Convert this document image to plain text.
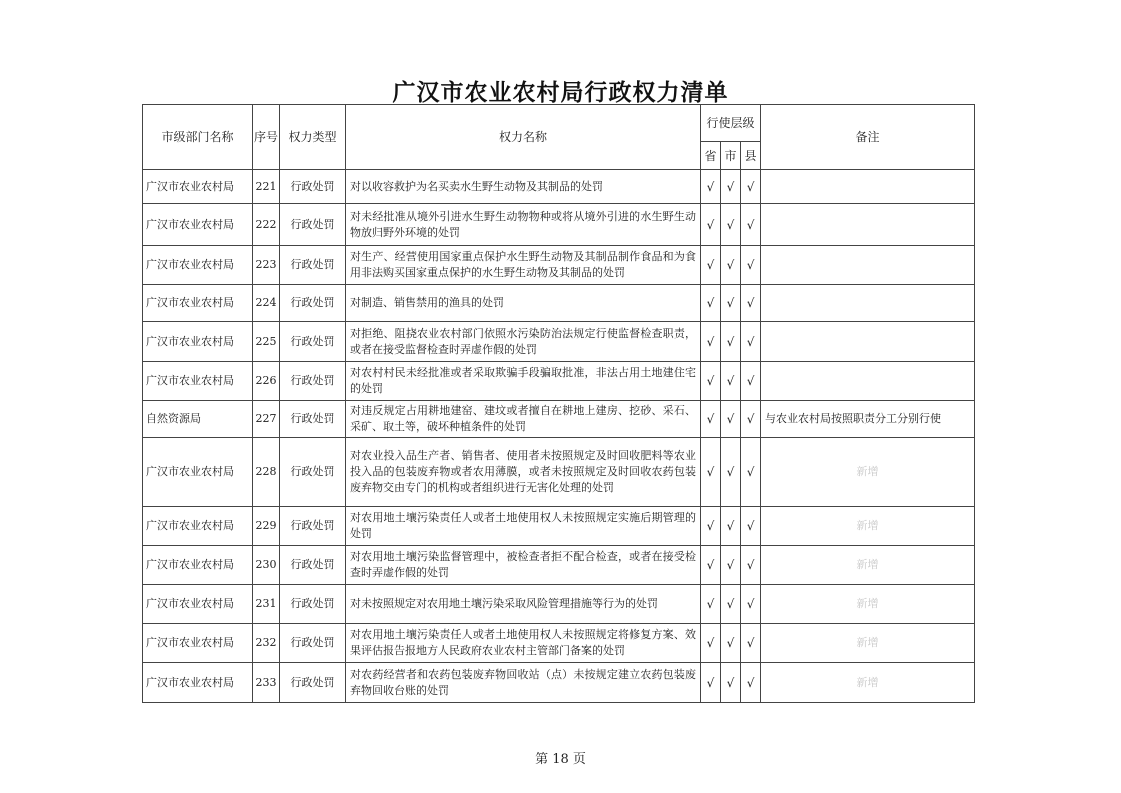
广汉市农业农村局行政权力清单
市级部门名称	序号	权力类型	权力名称	行使层级			备注
				省	市	县	
广汉市农业农村局	221	行政处罚	对以收容救护为名买卖水生野生动物及其制品的处罚	√	√	√	
广汉市农业农村局	222	行政处罚	对未经批准从境外引进水生野生动物物种或将从境外引进的水生野生动物放归野外环境的处罚	√	√	√	
广汉市农业农村局	223	行政处罚	对生产、经营使用国家重点保护水生野生动物及其制品制作食品和为食用非法购买国家重点保护的水生野生动物及其制品的处罚	√	√	√	
广汉市农业农村局	224	行政处罚	对制造、销售禁用的渔具的处罚	√	√	√	
广汉市农业农村局	225	行政处罚	对拒绝、阻挠农业农村部门依照水污染防治法规定行使监督检查职责，或者在接受监督检查时弄虚作假的处罚	√	√	√	
广汉市农业农村局	226	行政处罚	对农村村民未经批准或者采取欺骗手段骗取批准，非法占用土地建住宅的处罚	√	√	√	
自然资源局	227	行政处罚	对违反规定占用耕地建窑、建坟或者擅自在耕地上建房、挖砂、采石、采矿、取土等，破坏种植条件的处罚	√	√	√	与农业农村局按照职责分工分别行使
广汉市农业农村局	228	行政处罚	对农业投入品生产者、销售者、使用者未按照规定及时回收肥料等农业投入品的包装废弃物或者农用薄膜，或者未按照规定及时回收农药包装废弃物交由专门的机构或者组织进行无害化处理的处罚	√	√	√	新增
广汉市农业农村局	229	行政处罚	对农用地土壤污染责任人或者土地使用权人未按照规定实施后期管理的处罚	√	√	√	新增
广汉市农业农村局	230	行政处罚	对农用地土壤污染监督管理中，被检查者拒不配合检查，或者在接受检查时弄虚作假的处罚	√	√	√	新增
广汉市农业农村局	231	行政处罚	对未按照规定对农用地土壤污染采取风险管理措施等行为的处罚	√	√	√	新增
广汉市农业农村局	232	行政处罚	对农用地土壤污染责任人或者土地使用权人未按照规定将修复方案、效果评估报告报地方人民政府农业农村主管部门备案的处罚	√	√	√	新增
广汉市农业农村局	233	行政处罚	对农药经营者和农药包装废弃物回收站（点）未按规定建立农药包装废弃物回收台账的处罚	√	√	√	新增
第 18 页
